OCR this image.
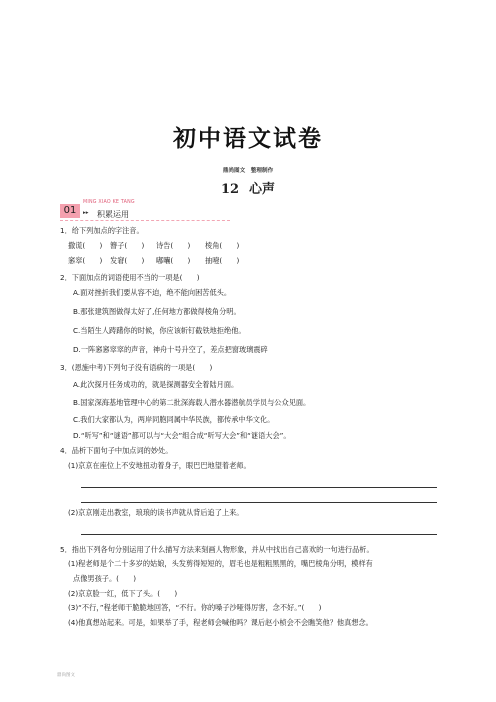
初中语文试卷
鼎尚图文　整理制作
12 心声
01
MING XIAO KE TANG
▸▸ 积累运用
1．给下列加点的字注音。
撒谎(　　) 簪子(　　) 诗告(　　) 棱角(　　)
窸窣(　　) 发窘(　　) 嘟囔(　　) 抽噎(　　)
2．下面加点的词语使用不当的一项是(　　)
A.面对挫折我们要从容不迫，绝不能向困苦低头。
B.那张建筑图做得太好了,任何地方都做得棱角分明。
C.当陌生人踌躇你的时候，你应该斩钉截铁地拒绝他。
D.一阵窸窸窣窣的声音，神舟十号升空了，差点把窗玻璃震碎
3．(恩施中考)下列句子没有语病的一项是(　　)
A.此次探月任务成功的，就是探测器安全着陆月面。
B.国家深海基地管理中心的第二批深海载人潜水器潜航员学员与公众见面。
C.我们大家都认为，两岸同胞同属中华民族，都传承中华文化。
D.“听写”和“谜语”都可以与“大会”组合成“听写大会”和“谜语大会”。
4．品析下面句子中加点词的妙处。
(1)京京在座位上不安地扭动着身子，眼巴巴地望着老师。
(2)京京刚走出教室，琅琅的读书声就从背后追了上来。
5．指出下列各句分别运用了什么描写方法来刻画人物形象，并从中找出自己喜欢的一句进行品析。
(1)程老师是个二十多岁的姑娘，头发剪得短短的，眉毛也是粗粗黑黑的，嘴巴棱角分明，模样有
点像男孩子。(　　)
(2)京京脸一红，低下了头。(　　)
(3)“不行，”程老师干脆脆地回答，“不行。你的嗓子沙哑得厉害，念不好。”(　　)
(4)他真想站起来。可是，如果举了手，程老师会喊他吗？课后赵小桢会不会瞧笑他？他真想念。
鼎尚图文
